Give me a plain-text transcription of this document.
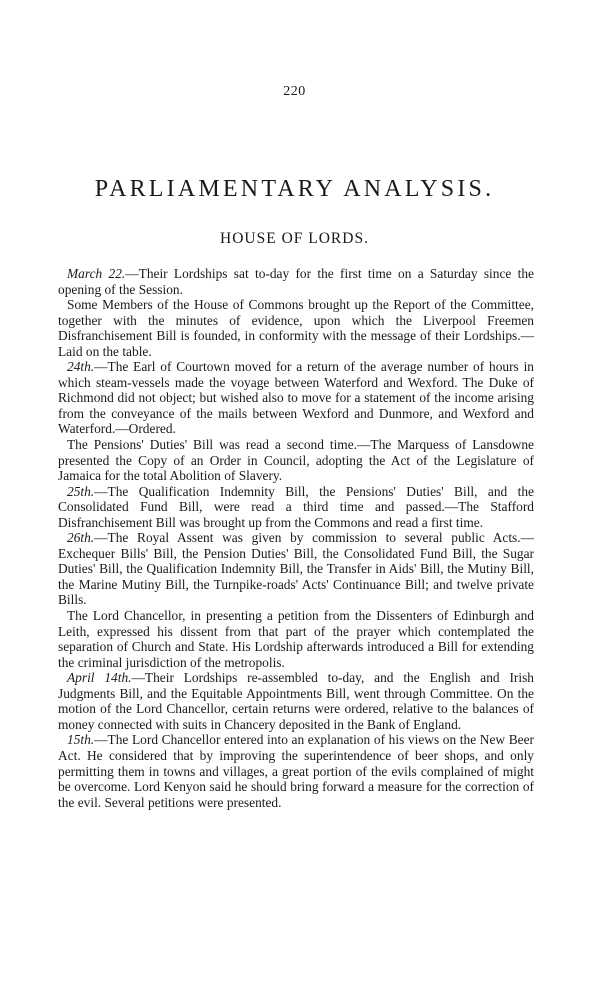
220
PARLIAMENTARY ANALYSIS.
HOUSE OF LORDS.

March 22.—Their Lordships sat to-day for the first time on a Saturday since the opening of the Session.

Some Members of the House of Commons brought up the Report of the Committee, together with the minutes of evidence, upon which the Liverpool Freemen Disfranchisement Bill is founded, in conformity with the message of their Lordships.—Laid on the table.

24th.—The Earl of Courtown moved for a return of the average number of hours in which steam-vessels made the voyage between Waterford and Wexford. The Duke of Richmond did not object; but wished also to move for a statement of the income arising from the conveyance of the mails between Wexford and Dunmore, and Wexford and Waterford.—Ordered.

The Pensions' Duties' Bill was read a second time.—The Marquess of Lansdowne presented the Copy of an Order in Council, adopting the Act of the Legislature of Jamaica for the total Abolition of Slavery.

25th.—The Qualification Indemnity Bill, the Pensions' Duties' Bill, and the Consolidated Fund Bill, were read a third time and passed.—The Stafford Disfranchisement Bill was brought up from the Commons and read a first time.

26th.—The Royal Assent was given by commission to several public Acts.—Exchequer Bills' Bill, the Pension Duties' Bill, the Consolidated Fund Bill, the Sugar Duties' Bill, the Qualification Indemnity Bill, the Transfer in Aids' Bill, the Mutiny Bill, the Marine Mutiny Bill, the Turnpike-roads' Acts' Continuance Bill; and twelve private Bills.

The Lord Chancellor, in presenting a petition from the Dissenters of Edinburgh and Leith, expressed his dissent from that part of the prayer which contemplated the separation of Church and State. His Lordship afterwards introduced a Bill for extending the criminal jurisdiction of the metropolis.

April 14th.—Their Lordships re-assembled to-day, and the English and Irish Judgments Bill, and the Equitable Appointments Bill, went through Committee. On the motion of the Lord Chancellor, certain returns were ordered, relative to the balances of money connected with suits in Chancery deposited in the Bank of England.

15th.—The Lord Chancellor entered into an explanation of his views on the New Beer Act. He considered that by improving the superintendence of beer shops, and only permitting them in towns and villages, a great portion of the evils complained of might be overcome. Lord Kenyon said he should bring forward a measure for the correction of the evil. Several petitions were presented.
